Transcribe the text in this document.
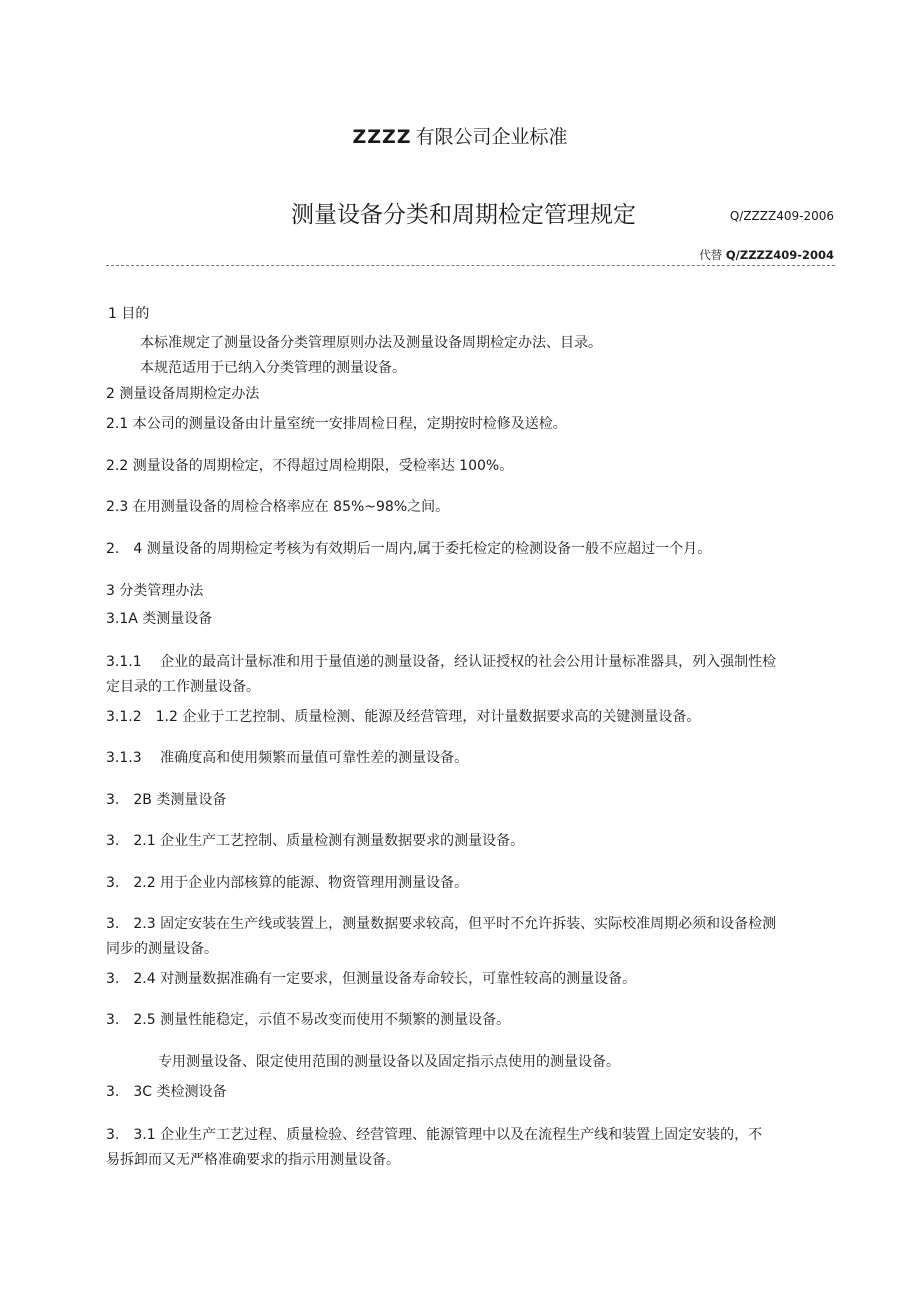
ZZZZ 有限公司企业标准
测量设备分类和周期检定管理规定	Q/ZZZZ409-2006
代替 Q/ZZZZ409-2004
1 目的
本标准规定了测量设备分类管理原则办法及测量设备周期检定办法、目录。
本规范适用于已纳入分类管理的测量设备。
2 测量设备周期检定办法
2.1 本公司的测量设备由计量室统一安排周检日程，定期按时检修及送检。
2.2 测量设备的周期检定，不得超过周检期限，受检率达 100%。
2.3 在用测量设备的周检合格率应在 85%~98%之间。
2.　4 测量设备的周期检定考核为有效期后一周内,属于委托检定的检测设备一般不应超过一个月。
3 分类管理办法
3.1A 类测量设备
3.1.1　 企业的最高计量标准和用于量值递的测量设备，经认证授权的社会公用计量标准器具，列入强制性检
定目录的工作测量设备。
3.1.2　1.2 企业于工艺控制、质量检测、能源及经营管理，对计量数据要求高的关键测量设备。
3.1.3　 准确度高和使用频繁而量值可靠性差的测量设备。
3.　2B 类测量设备
3.　2.1 企业生产工艺控制、质量检测有测量数据要求的测量设备。
3.　2.2 用于企业内部核算的能源、物资管理用测量设备。
3.　2.3 固定安装在生产线或装置上，测量数据要求较高，但平时不允许拆装、实际校准周期必须和设备检测
同步的测量设备。
3.　2.4 对测量数据准确有一定要求，但测量设备寿命较长，可靠性较高的测量设备。
3.　2.5 测量性能稳定，示值不易改变而使用不频繁的测量设备。
专用测量设备、限定使用范围的测量设备以及固定指示点使用的测量设备。
3.　3C 类检测设备
3.　3.1 企业生产工艺过程、质量检验、经营管理、能源管理中以及在流程生产线和装置上固定安装的，不
易拆卸而又无严格准确要求的指示用测量设备。
